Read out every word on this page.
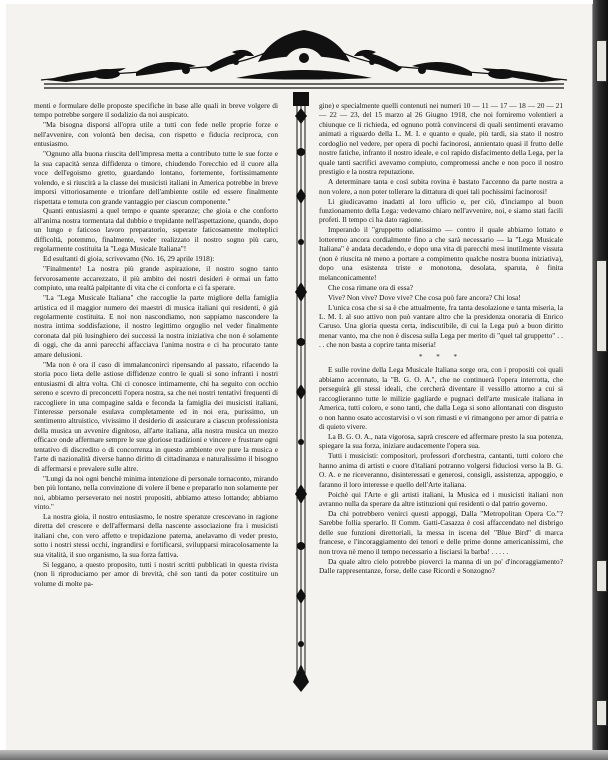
menti e formulare delle proposte specifiche in base alle quali in breve volgere di tempo potrebbe sorgere il sodalizio da noi auspicato.

"Ma bisogna disporsi all'opra utile a tutti con fede nelle proprie forze e nell'avvenire, con volontà ben decisa, con rispetto e fiducia reciproca, con entusiasmo.

"Ognuno alla buona riuscita dell'impresa metta a contributo tutte le sue forze e la sua capacità senza diffidenza o timore, chiudendo l'orecchio ed il cuore alla voce dell'egoismo gretto, guardando lontano, fortemente, fortissimamente volendo, e si riuscirà a la classe dei musicisti italiani in America potrebbe in breve imporsi vittoriosamente e trionfare dell'ambiente ostile ed essere finalmente rispettata e temuta con grande vantaggio per ciascun componente."

Quanti entusiasmi a quel tempo e quante speranze; che gioia e che conforto all'anima nostra tormentata dal dubbio e trepidante nell'aspettazione, quando, dopo un lungo e faticoso lavoro preparatorio, superate faticosamente molteplici difficoltà, potemmo, finalmente, veder realizzato il nostro sogno più caro, regolarmente costituita la "Lega Musicale Italiana"!

Ed esultanti di gioia, scrivevamo (No. 16, 29 aprile 1918):

"Finalmente! La nostra più grande aspirazione, il nostro sogno tanto fervorosamente accarezzato, il più ambito dei nostri desideri è ormai un fatto compiuto, una realtà palpitante di vita che ci conforta e ci fa sperare.

"La "Lega Musicale Italiana" che raccoglie la parte migliore della famiglia artistica ed il maggior numero dei maestri di musica italiani qui residenti, è già regolarmente costituita. E noi non nascondiamo, non sappiamo nascondere la nostra intima soddisfazione, il nostro legittimo orgoglio nel veder finalmente coronata dal più lusinghiero dei successi la nostra iniziativa che non è solamente di oggi, che da anni parecchi affacciava l'anima nostra e ci ha procurato tante amare delusioni.

"Ma non è ora il caso di immalanconirci ripensando al passato, rifacendo la storia poco lieta delle astiose diffidenze contro le quali si sono infranti i nostri entusiasmi di altra volta. Chi ci conosce intimamente, chi ha seguito con occhio sereno e scevro di preconcetti l'opera nostra, sa che nei nostri tentativi frequenti di raccogliere in una compagine salda e feconda la famiglia dei musicisti italiani, l'interesse personale esulava completamente ed in noi era, purissimo, un sentimento altruistico, vivissimo il desiderio di assicurare a ciascun professionista della musica un avvenire dignitoso, all'arte italiana, alla nostra musica un mezzo efficace onde affermare sempre le sue gloriose tradizioni e vincere e frustrare ogni tentativo di discredito o di concorrenza in questo ambiente ove pure la musica e l'arte di nazionalità diverse hanno diritto di cittadinanza e naturalissimo il bisogno di affermarsi e prevalere sulle altre.

"Lungi da noi ogni benchè minima intenzione di personale tornaconto, mirando ben più lontano, nella convinzione di volere il bene e prepararlo non solamente per noi, abbiamo perseverato nei nostri propositi, abbiamo atteso lottando; abbiamo vinto."

La nostra gioia, il nostro entusiasmo, le nostre speranze crescevano in ragione diretta del crescere e dell'affermarsi della nascente associazione fra i musicisti italiani che, con vero affetto e trepidazione paterna, anelavamo di veder presto, sotto i nostri stessi occhi, ingrandirsi e fortificarsi, svilupparsi miracolosamente la sua vitalità, il suo organismo, la sua forza fattiva.

Si leggano, a questo proposito, tutti i nostri scritti pubblicati in questa rivista (non li riproduciamo per amor di brevità, chè son tanti da poter costituire un volume di molte pa-

gine) e specialmente quelli contenuti nei numeri 10 — 11 — 17 — 18 — 20 — 21 — 22 — 23, del 15 marzo al 26 Giugno 1918, che noi forniremo volentieri a chiunque ce li richieda, ed ognuno potrà convincersi di quali sentimenti eravamo animati a riguardo della L. M. I. e quanto e quale, più tardi, sia stato il nostro cordoglio nel vedere, per opera di pochi facinorosi, annientato quasi il frutto delle nostre fatiche, infranto il nostro ideale, e col rapido disfacimento della Lega, per la quale tanti sacrifici avevamo compiuto, compromessi anche e non poco il nostro prestigio e la nostra reputazione.

A determinare tanta e così subita rovina è bastato l'accenno da parte nostra a non volere, a non poter tollerare la dittatura di quei tali pochissimi facinorosi!

Li giudicavamo inadatti al loro ufficio e, per ciò, d'inciampo al buon funzionamento della Lega: vedevamo chiaro nell'avvenire, noi, e siamo stati facili profeti. Il tempo ci ha dato ragione.

Imperando il "gruppetto odiatissimo — contro il quale abbiamo lottato e lotteremo ancora cordialmente fino a che sarà necessario — la "Lega Musicale Italiana" è andata decadendo, e dopo una vita di parecchi mesi inutilmente vissuta (non è riuscita nè meno a portare a compimento qualche nostra buona iniziativa), dopo una esistenza triste e monotona, desolata, sparuta, è finita melanconicamente!

Che cosa rimane ora di essa?

Vive? Non vive? Dove vive? Che cosa può fare ancora? Chi losa!

L'unica cosa che si sa è che attualmente, fra tanta desolazione e tanta miseria, la L. M. I. al suo attivo non può vantare altro che la presidenza onoraria di Enrico Caruso. Una gloria questa certa, indiscutibile, di cui la Lega può a buon diritto menar vanto, ma che non è discesa sulla Lega per merito di "quel tal gruppetto" . . . . che non basta a coprire tanta miseria!

* * *

E sulle rovine della Lega Musicale Italiana sorge ora, con i propositi coi quali abbiamo accennato, la "B. G. O. A.", che ne continuerà l'opera interrotta, che perseguirà gli stessi ideali, che cercherà diventare il vessillo attorno a cui si raccoglieranno tutte le milizie gagliarde e pugnaci dell'arte musicale italiana in America, tutti coloro, e sono tanti, che dalla Lega si sono allontanati con disgusto o non hanno osato accostarvisi o vi son rimasti e vi rimangono per amor di patria e di quieto vivere.

La B. G. O. A., nata vigorosa, saprà crescere ed affermare presto la sua potenza, spiegare la sua forza, iniziare audacemente l'opera sua.

Tutti i musicisti: compositori, professori d'orchestra, cantanti, tutti coloro che hanno anima di artisti e cuore d'italiani potranno volgersi fiduciosi verso la B. G. O. A. e ne riceveranno, disinteressati e generosi, consigli, assistenza, appoggio, e faranno il loro interesse e quello dell'Arte italiana.

Poichè qui l'Arte e gli artisti italiani, la Musica ed i musicisti italiani non avranno nulla da sperare da altre istituzioni qui residenti o dal patrio governo.

Da chi potrebbero venirci questi appoggi, Dalla "Metropolitan Opera Co."? Sarebbe follia sperarlo. Il Comm. Gatti-Casazza è così affaccendato nel disbrigo delle sue funzioni direttoriali, la messa in iscena del "Blue Bird" di marca francese, e l'incoraggiamento dei tenori e delle prime donne americanissimi, che non trova nè meno il tempo necessario a lisciarsi la barba! . . . . .

Da quale altro cielo potrebbe pioverci la manna di un po' d'incoraggiamento? Dalle rappresentanze, forse, delle case Ricordi e Sonzogno?
